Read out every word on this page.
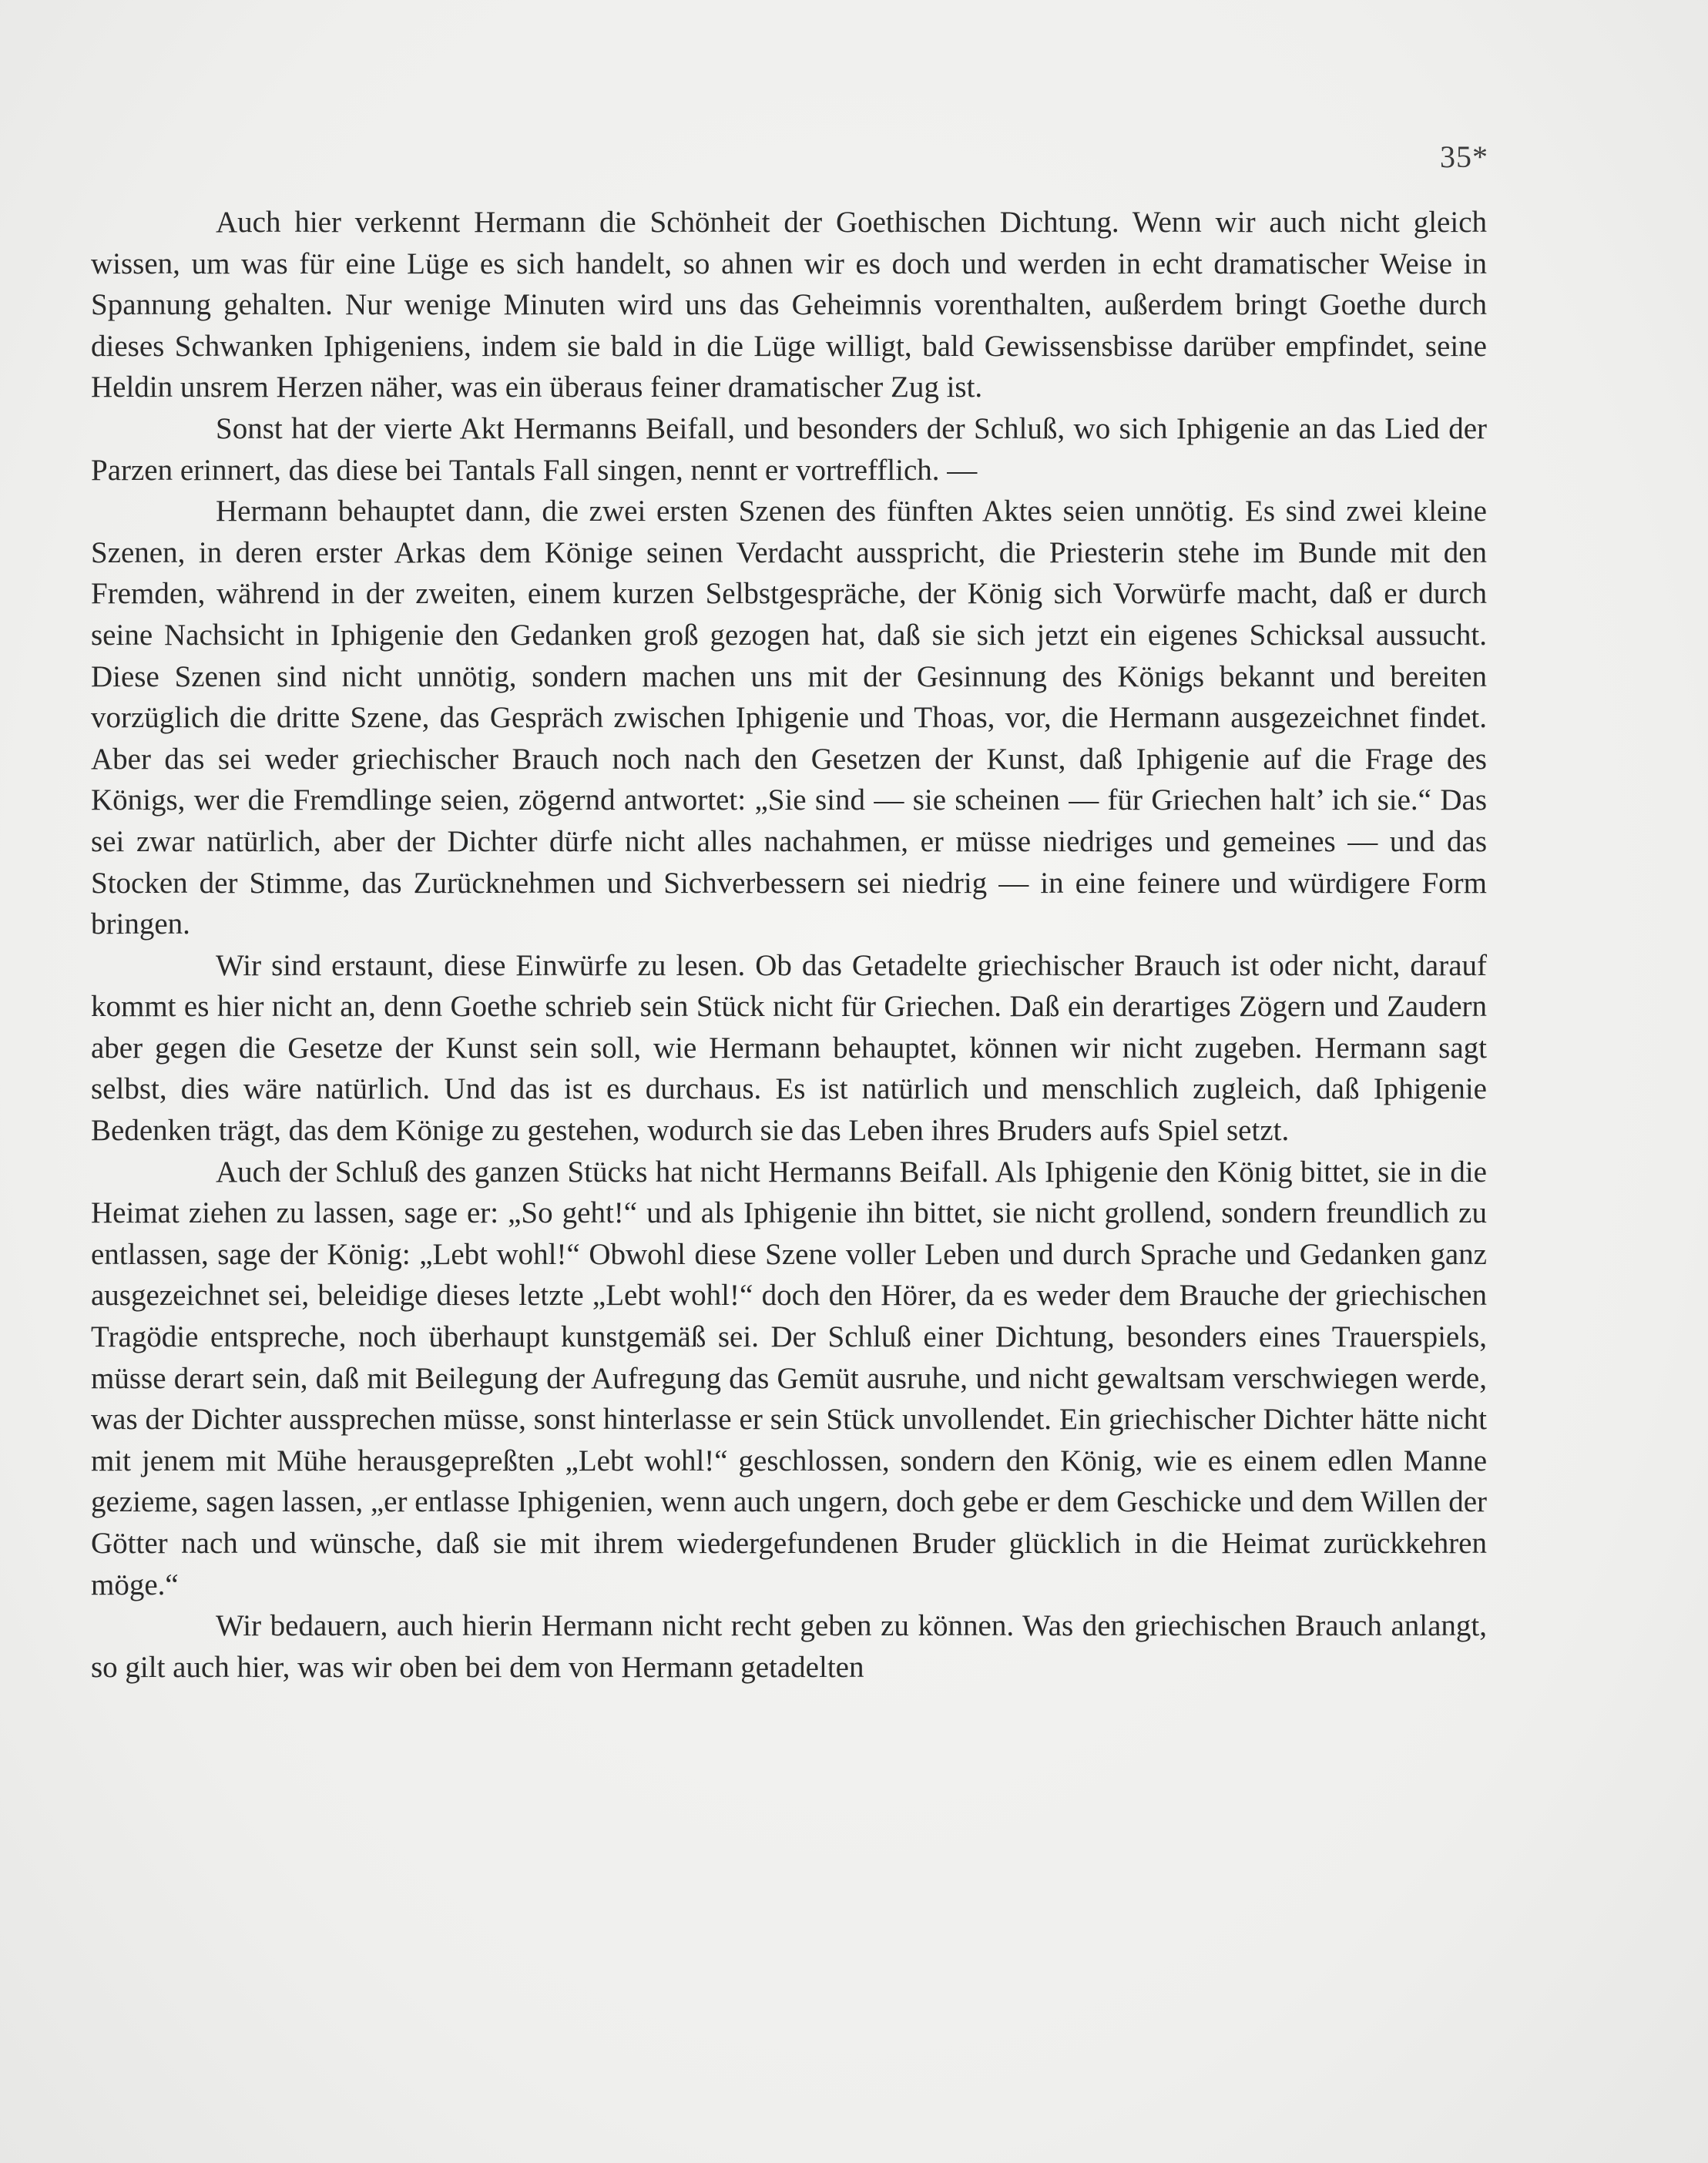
35*

Auch hier verkennt Hermann die Schönheit der Goethischen Dichtung. Wenn wir auch nicht gleich wissen, um was für eine Lüge es sich handelt, so ahnen wir es doch und werden in echt dramatischer Weise in Spannung gehalten. Nur wenige Minuten wird uns das Geheimnis vorenthalten, außerdem bringt Goethe durch dieses Schwanken Iphigeniens, indem sie bald in die Lüge willigt, bald Gewissensbisse darüber empfindet, seine Heldin unsrem Herzen näher, was ein überaus feiner dramatischer Zug ist.

Sonst hat der vierte Akt Hermanns Beifall, und besonders der Schluß, wo sich Iphigenie an das Lied der Parzen erinnert, das diese bei Tantals Fall singen, nennt er vortrefflich. —

Hermann behauptet dann, die zwei ersten Szenen des fünften Aktes seien unnötig. Es sind zwei kleine Szenen, in deren erster Arkas dem Könige seinen Verdacht ausspricht, die Priesterin stehe im Bunde mit den Fremden, während in der zweiten, einem kurzen Selbstgespräche, der König sich Vorwürfe macht, daß er durch seine Nachsicht in Iphigenie den Gedanken groß gezogen hat, daß sie sich jetzt ein eigenes Schicksal aussucht. Diese Szenen sind nicht unnötig, sondern machen uns mit der Gesinnung des Königs bekannt und bereiten vorzüglich die dritte Szene, das Gespräch zwischen Iphigenie und Thoas, vor, die Hermann ausgezeichnet findet. Aber das sei weder griechischer Brauch noch nach den Gesetzen der Kunst, daß Iphigenie auf die Frage des Königs, wer die Fremdlinge seien, zögernd antwortet: „Sie sind — sie scheinen — für Griechen halt’ ich sie.“ Das sei zwar natürlich, aber der Dichter dürfe nicht alles nachahmen, er müsse niedriges und gemeines — und das Stocken der Stimme, das Zurücknehmen und Sichverbessern sei niedrig — in eine feinere und würdigere Form bringen.

Wir sind erstaunt, diese Einwürfe zu lesen. Ob das Getadelte griechischer Brauch ist oder nicht, darauf kommt es hier nicht an, denn Goethe schrieb sein Stück nicht für Griechen. Daß ein derartiges Zögern und Zaudern aber gegen die Gesetze der Kunst sein soll, wie Hermann behauptet, können wir nicht zugeben. Hermann sagt selbst, dies wäre natürlich. Und das ist es durchaus. Es ist natürlich und menschlich zugleich, daß Iphigenie Bedenken trägt, das dem Könige zu gestehen, wodurch sie das Leben ihres Bruders aufs Spiel setzt.

Auch der Schluß des ganzen Stücks hat nicht Hermanns Beifall. Als Iphigenie den König bittet, sie in die Heimat ziehen zu lassen, sage er: „So geht!“ und als Iphigenie ihn bittet, sie nicht grollend, sondern freundlich zu entlassen, sage der König: „Lebt wohl!“ Obwohl diese Szene voller Leben und durch Sprache und Gedanken ganz ausgezeichnet sei, beleidige dieses letzte „Lebt wohl!“ doch den Hörer, da es weder dem Brauche der griechischen Tragödie entspreche, noch überhaupt kunstgemäß sei. Der Schluß einer Dichtung, besonders eines Trauerspiels, müsse derart sein, daß mit Beilegung der Aufregung das Gemüt ausruhe, und nicht gewaltsam verschwiegen werde, was der Dichter aussprechen müsse, sonst hinterlasse er sein Stück unvollendet. Ein griechischer Dichter hätte nicht mit jenem mit Mühe herausgepreßten „Lebt wohl!“ geschlossen, sondern den König, wie es einem edlen Manne gezieme, sagen lassen, „er entlasse Iphigenien, wenn auch ungern, doch gebe er dem Geschicke und dem Willen der Götter nach und wünsche, daß sie mit ihrem wiedergefundenen Bruder glücklich in die Heimat zurückkehren möge.“

Wir bedauern, auch hierin Hermann nicht recht geben zu können. Was den griechischen Brauch anlangt, so gilt auch hier, was wir oben bei dem von Hermann getadelten
